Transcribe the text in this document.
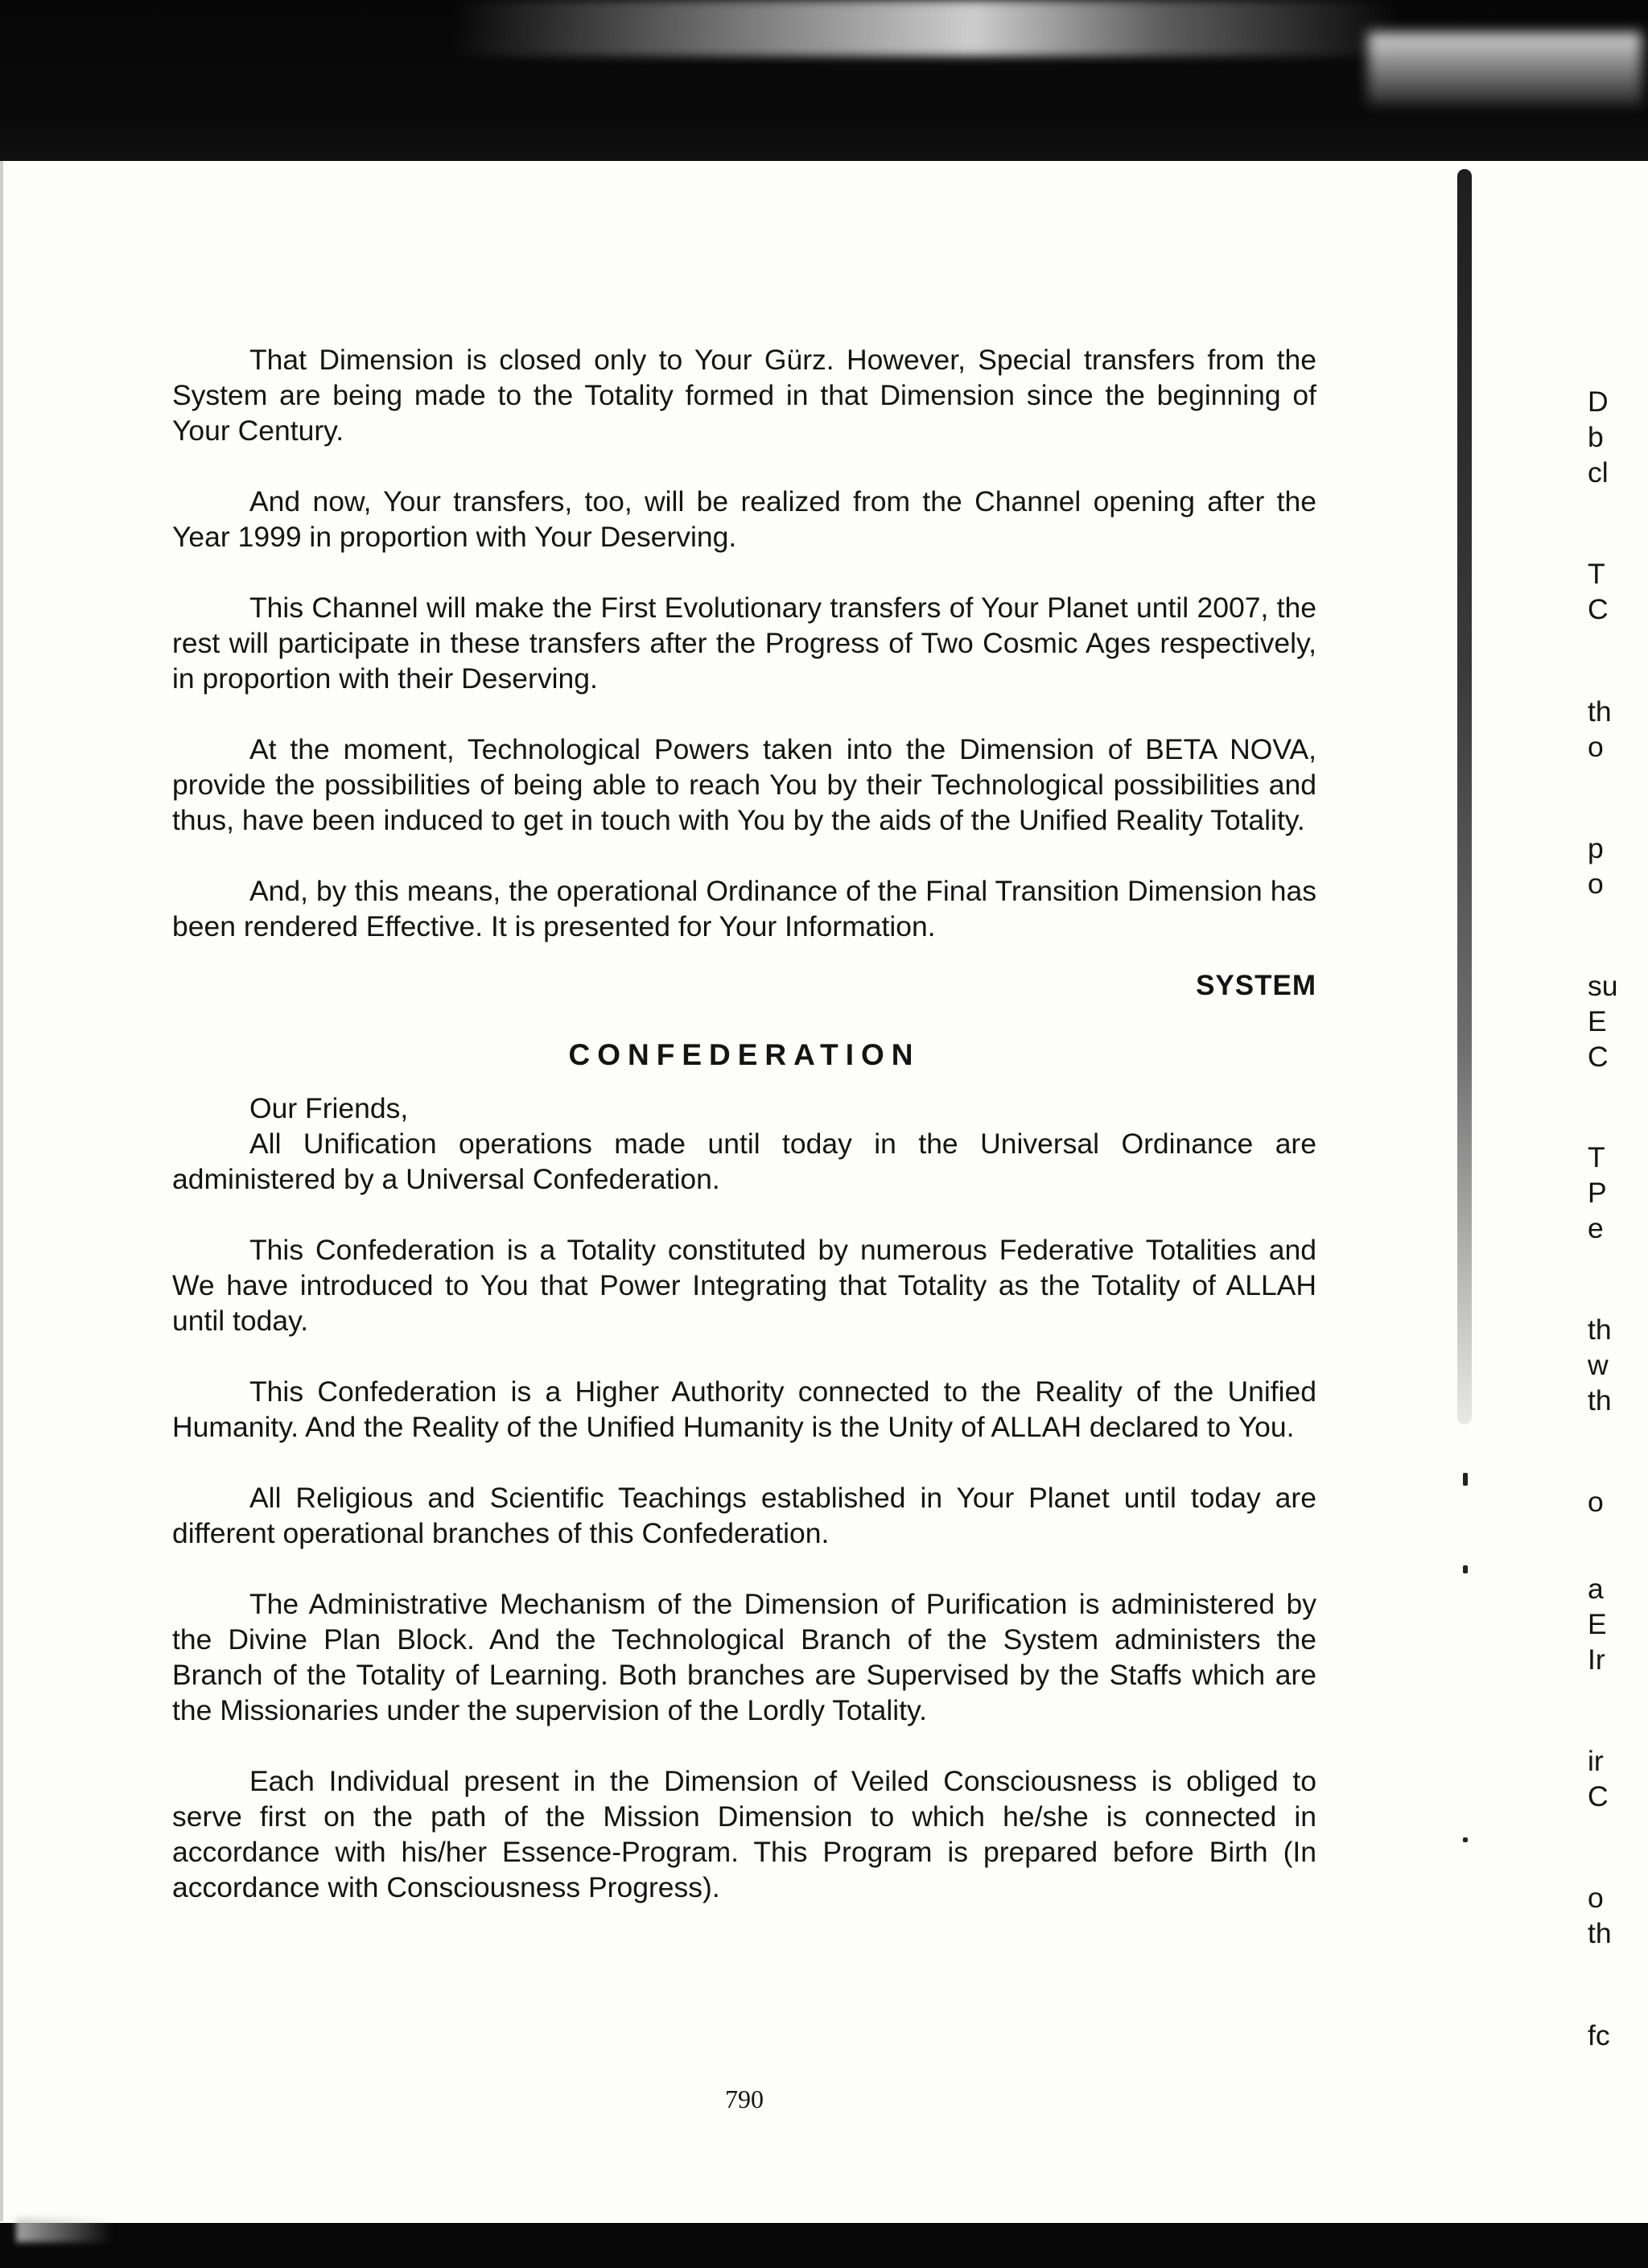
That Dimension is closed only to Your Gürz. However, Special transfers from the System are being made to the Totality formed in that Dimension since the beginning of Your Century.

And now, Your transfers, too, will be realized from the Channel opening after the Year 1999 in proportion with Your Deserving.

This Channel will make the First Evolutionary transfers of Your Planet until 2007, the rest will participate in these transfers after the Progress of Two Cosmic Ages respectively, in proportion with their Deserving.

At the moment, Technological Powers taken into the Dimension of BETA NOVA, provide the possibilities of being able to reach You by their Technological possibilities and thus, have been induced to get in touch with You by the aids of the Unified Reality Totality.

And, by this means, the operational Ordinance of the Final Transition Dimension has been rendered Effective. It is presented for Your Information.

SYSTEM
CONFEDERATION

Our Friends,

All Unification operations made until today in the Universal Ordinance are administered by a Universal Confederation.

This Confederation is a Totality constituted by numerous Federative Totalities and We have introduced to You that Power Integrating that Totality as the Totality of ALLAH until today.

This Confederation is a Higher Authority connected to the Reality of the Unified Humanity. And the Reality of the Unified Humanity is the Unity of ALLAH declared to You.

All Religious and Scientific Teachings established in Your Planet until today are different operational branches of this Confederation.

The Administrative Mechanism of the Dimension of Purification is administered by the Divine Plan Block. And the Technological Branch of the System administers the Branch of the Totality of Learning. Both branches are Supervised by the Staffs which are the Missionaries under the supervision of the Lordly Totality.

Each Individual present in the Dimension of Veiled Consciousness is obliged to serve first on the path of the Mission Dimension to which he/she is connected in accordance with his/her Essence-Program. This Program is prepared before Birth (In accordance with Consciousness Progress).

790

D

b

cl

T

C

th

o

p

o

su

E

C

T

P

e

th

w

th

o

a

E

Ir

ir

C

o

th

fc
